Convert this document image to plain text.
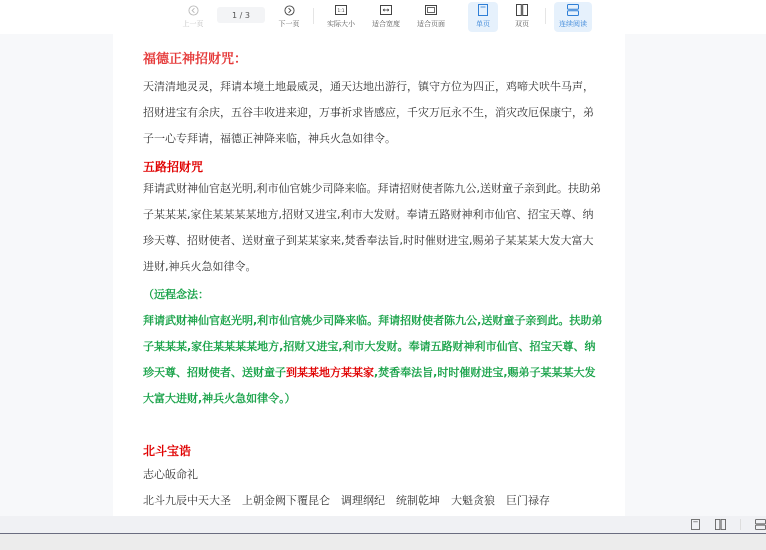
上一页
1 / 3
下一页
1:1
实际大小 适合宽度 适合页面	单页	双页	连续阅读

福德正神招财咒：

天清清地灵灵，拜请本境土地最威灵，通天达地出游行，镇守方位为四正，鸡啼犬吠牛马声，招财进宝有余庆，五谷丰收进来迎，万事祈求皆感应，千灾万厄永不生，消灾改厄保康宁，弟子一心专拜请，福德正神降来临，神兵火急如律令。

五路招财咒

拜请武财神仙官赵光明,利市仙官姚少司降来临。拜请招财使者陈九公,送财童子亲到此。扶助弟子某某某,家住某某某某地方,招财又进宝,利市大发财。奉请五路财神利市仙官、招宝天尊、纳珍天尊、招财使者、送财童子到某某家来,焚香奉法旨,时时催财进宝,赐弟子某某某大发大富大进财,神兵火急如律令。

（远程念法：

拜请武财神仙官赵光明,利市仙官姚少司降来临。拜请招财使者陈九公,送财童子亲到此。扶助弟子某某某,家住某某某某地方,招财又进宝,利市大发财。奉请五路财神利市仙官、招宝天尊、纳珍天尊、招财使者、送财童子到某某地方某某家,焚香奉法旨,时时催财进宝,赐弟子某某某大发大富大进财,神兵火急如律令。）

北斗宝诰

志心皈命礼

北斗九辰中天大圣　上朝金阙下覆昆仑　调理纲纪　统制乾坤　大魁贪狼　巨门禄存
